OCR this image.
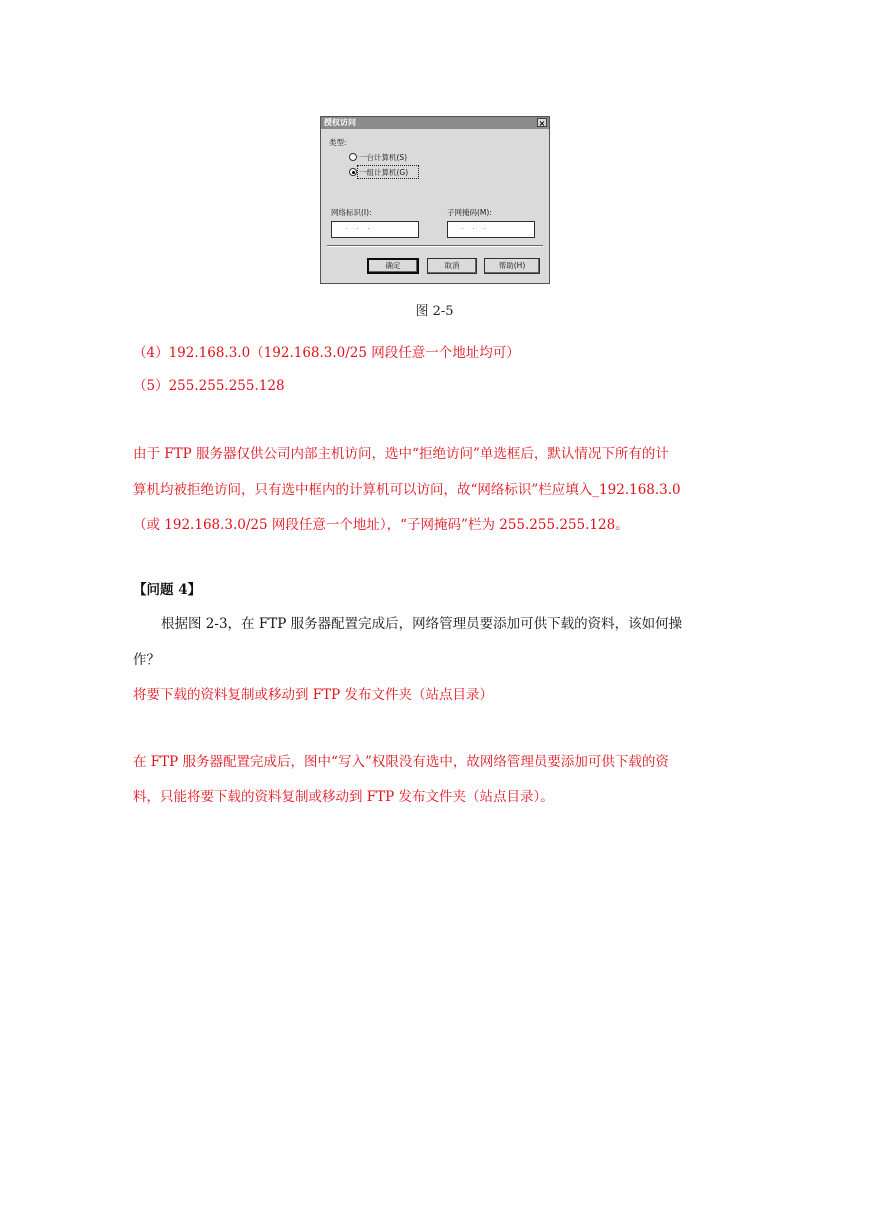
授权访问	×
类型:
一台计算机(S)
一组计算机(G)
网络标识(I):	子网掩码(M):
...	...
确定	取消	帮助(H)
图 2-5
（4）192.168.3.0（192.168.3.0/25 网段任意一个地址均可）
（5）255.255.255.128
由于 FTP 服务器仅供公司内部主机访问，选中“拒绝访问”单选框后，默认情况下所有的计
算机均被拒绝访问，只有选中框内的计算机可以访问，故“网络标识”栏应填入_192.168.3.0
（或 192.168.3.0/25 网段任意一个地址），“子网掩码”栏为 255.255.255.128。
【问题 4】
根据图 2-3，在 FTP 服务器配置完成后，网络管理员要添加可供下载的资料，该如何操
作？
将要下载的资料复制或移动到 FTP 发布文件夹（站点目录）
在 FTP 服务器配置完成后，图中“写入”权限没有选中，故网络管理员要添加可供下载的资
料，只能将要下载的资料复制或移动到 FTP 发布文件夹（站点目录）。
